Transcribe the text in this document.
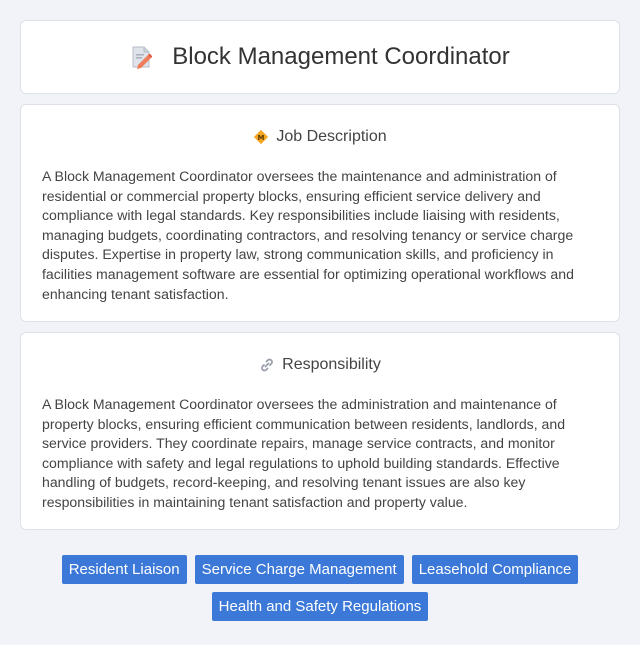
Block Management Coordinator
M Job Description

A Block Management Coordinator oversees the maintenance and administration of residential or commercial property blocks, ensuring efficient service delivery and compliance with legal standards. Key responsibilities include liaising with residents, managing budgets, coordinating contractors, and resolving tenancy or service charge disputes. Expertise in property law, strong communication skills, and proficiency in facilities management software are essential for optimizing operational workflows and enhancing tenant satisfaction.

Responsibility

A Block Management Coordinator oversees the administration and maintenance of property blocks, ensuring efficient communication between residents, landlords, and service providers. They coordinate repairs, manage service contracts, and monitor compliance with safety and legal regulations to uphold building standards. Effective handling of budgets, record-keeping, and resolving tenant issues are also key responsibilities in maintaining tenant satisfaction and property value.

Resident Liaison	Service Charge Management	Leasehold Compliance
Health and Safety Regulations
